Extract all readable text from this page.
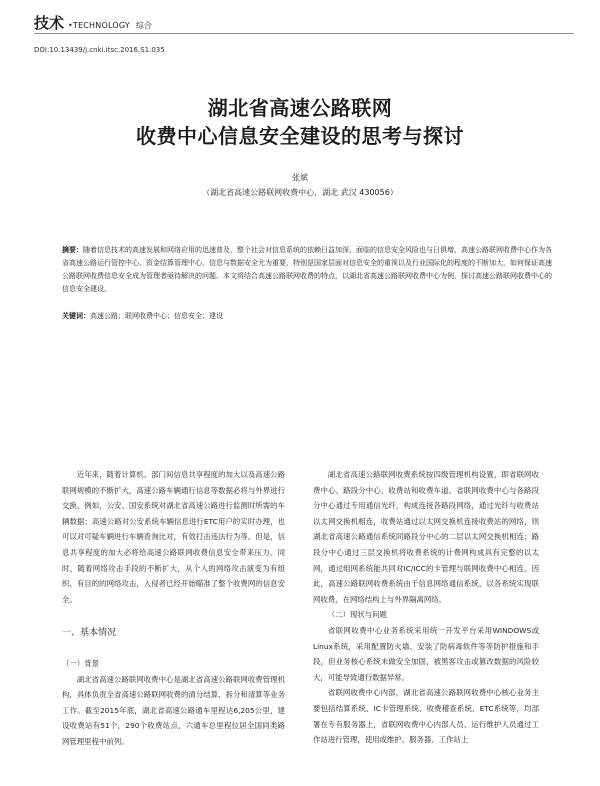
技术 •TECHNOLOGY 综合
DOI:10.13439/j.cnki.itsc.2016.S1.035
湖北省高速公路联网
收费中心信息安全建设的思考与探讨
张斌
（湖北省高速公路联网收费中心，湖北 武汉 430056）
摘要：随着信息技术的高速发展和网络应用的迅速普及，整个社会对信息系统的依赖日益加深，面临的信息安全风险也与日俱增，高速公路联网收费中心作为各省高速公路运行管控中心、资金结算管理中心，信息与数据安全尤为重要，特别是国家层面对信息安全的重视以及行业国际化的程度的不断加大，如何保证高速公路联网收费信息安全成为管理者亟待解决的问题。本文将结合高速公路联网收费的特点，以湖北省高速公路联网收费中心为例，探讨高速公路联网收费中心的信息安全建设。
关键词：高速公路；联网收费中心；信息安全；建设

近年来，随着计算机、部门间信息共享程度的加大以及高速公路联网规模的不断扩大，高速公路车辆通行信息等数据必将与外界进行交换，例如，公安、国安系统对湖北省高速公路进行监测时所需的车辆数据；高速公路对公安系统车辆信息进行ETC用户的实时办理，也可以对可疑车辆进行车辆查询比对，有效打击违法行为等。但是，信息共享程度的加大必将给高速公路联网收费信息安全带来压力。同时，随着网络攻击手段的不断扩大，从个人的网络攻击演变为有组织、有目的的网络攻击，入侵者已经开始瞄准了整个收费网的信息安全。

一、基本情况

（一）背景

湖北省高速公路联网收费中心是湖北省高速公路联网收费管理机构，具体负责全省高速公路联网收费的清分结算、拆分和清算等业务工作。截至2015年底，湖北省高速公路通车里程达6,205公里，建设收费站有51个，290个收费站点，六通车总里程位居全国同类路网管理里程中前列。

湖北省高速公路联网收费系统按四级管理机构设置，即省联网收费中心、路段分中心、收费站和收费车道。省联网收费中心与各路段分中心通过专用通信光纤，构成连接各路段网络，通过光纤与收费站以太网交换机相连，收费站通过以太网交换机连接收费站的网络，则湖北省高速公路通信系统同路段分中心的二层以太网交换机相连；路段分中心通过三层交换机将收费系统的计费网构成具有完整的以太网，通过组网系统能共同对IC/ICC的卡管理与联网收费中心相连。因此，高速公路联网收费系统由于信息网络通信系统，以各系统实现联网收费，在网络结构上与外界隔离网络。

（二）现状与问题

省联网收费中心业务系统采用统一开发平台采用WINDOWS或Linux系统，采用配置防火墙、安装了防病毒软件等等防护措施和手段，但业务核心系统未做安全加固，被黑客攻击或篡改数据的风险较大，可能导致通行数据异常。

省联网收费中心内部，湖北省高速公路联网收费中心核心业务主要包括结算系统、IC卡管理系统、收费稽查系统、ETC系统等，均部署在专有服务器上，省联网收费中心内部人员、运行维护人员通过工作站进行管理，使用或维护、服务器、工作站上
